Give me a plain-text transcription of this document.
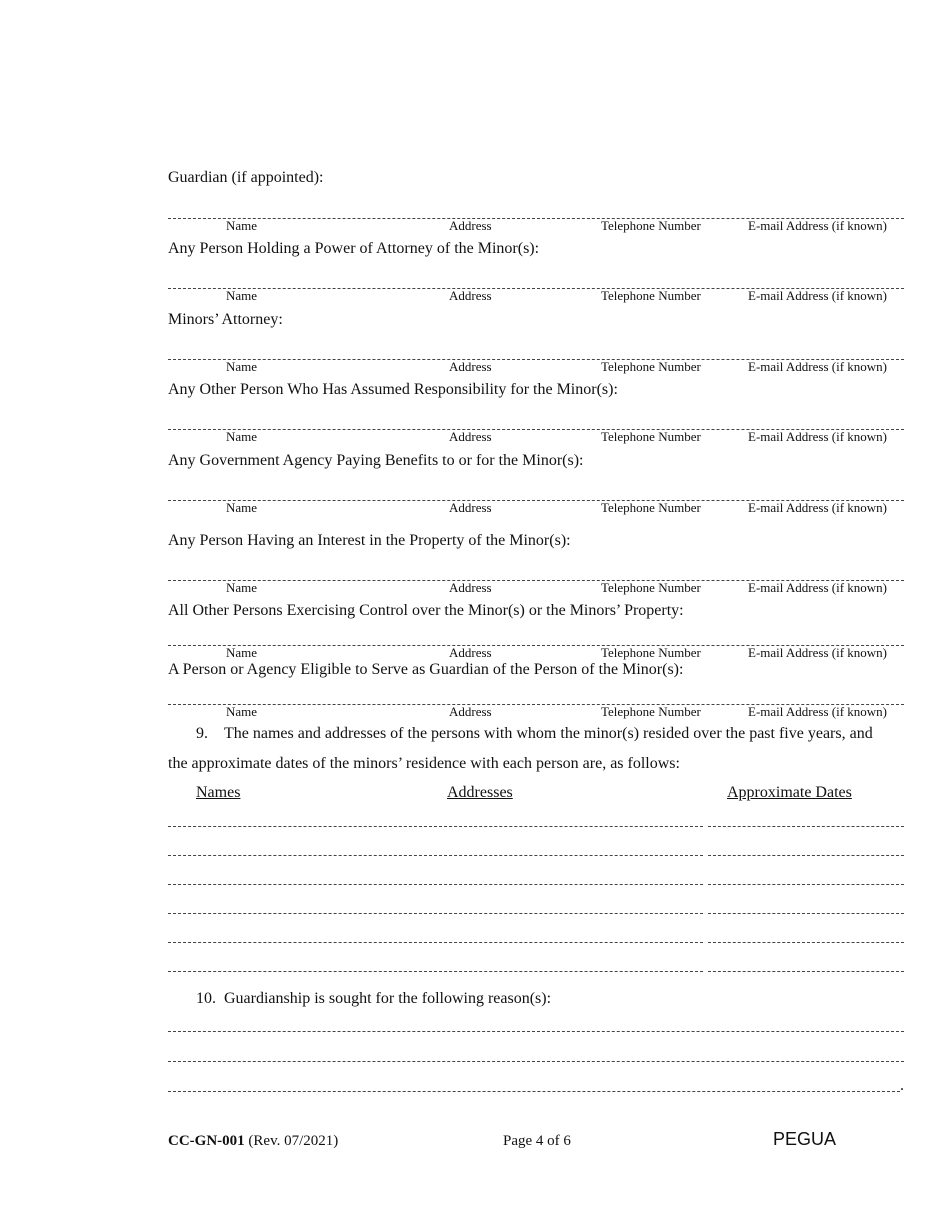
Guardian (if appointed):
Name	Address	Telephone Number	E-mail Address (if known)
Any Person Holding a Power of Attorney of the Minor(s):
Name	Address	Telephone Number	E-mail Address (if known)
Minors’ Attorney:
Name	Address	Telephone Number	E-mail Address (if known)
Any Other Person Who Has Assumed Responsibility for the Minor(s):
Name	Address	Telephone Number	E-mail Address (if known)
Any Government Agency Paying Benefits to or for the Minor(s):
Name	Address	Telephone Number	E-mail Address (if known)
Any Person Having an Interest in the Property of the Minor(s):
Name	Address	Telephone Number	E-mail Address (if known)
All Other Persons Exercising Control over the Minor(s) or the Minors’ Property:
Name	Address	Telephone Number	E-mail Address (if known)
A Person or Agency Eligible to Serve as Guardian of the Person of the Minor(s):
Name	Address	Telephone Number	E-mail Address (if known)
9. The names and addresses of the persons with whom the minor(s) resided over the past five years, and
the approximate dates of the minors’ residence with each person are, as follows:
Names	Addresses	Approximate Dates
10. Guardianship is sought for the following reason(s):
.
CC-GN-001 (Rev. 07/2021)	Page 4 of 6	PEGUA
